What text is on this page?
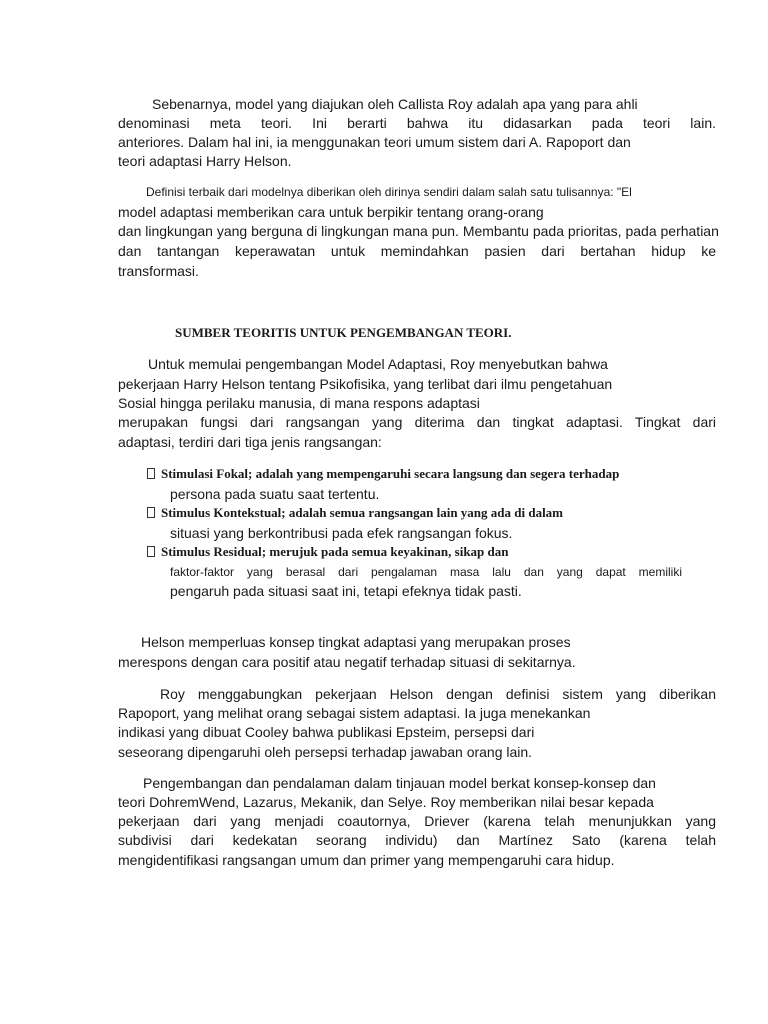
Sebenarnya, model yang diajukan oleh Callista Roy adalah apa yang para ahli
denominasi meta teori. Ini berarti bahwa itu didasarkan pada teori lain.
anteriores. Dalam hal ini, ia menggunakan teori umum sistem dari A. Rapoport dan
teori adaptasi Harry Helson.
Definisi terbaik dari modelnya diberikan oleh dirinya sendiri dalam salah satu tulisannya: "El
model adaptasi memberikan cara untuk berpikir tentang orang-orang
dan lingkungan yang berguna di lingkungan mana pun. Membantu pada prioritas, pada perhatian
dan tantangan keperawatan untuk memindahkan pasien dari bertahan hidup ke
transformasi.
SUMBER TEORITIS UNTUK PENGEMBANGAN TEORI.
Untuk memulai pengembangan Model Adaptasi, Roy menyebutkan bahwa
pekerjaan Harry Helson tentang Psikofisika, yang terlibat dari ilmu pengetahuan
Sosial hingga perilaku manusia, di mana respons adaptasi
merupakan fungsi dari rangsangan yang diterima dan tingkat adaptasi. Tingkat dari
adaptasi, terdiri dari tiga jenis rangsangan:
Stimulasi Fokal; adalah yang mempengaruhi secara langsung dan segera terhadap
persona pada suatu saat tertentu.
Stimulus Kontekstual; adalah semua rangsangan lain yang ada di dalam
situasi yang berkontribusi pada efek rangsangan fokus.
Stimulus Residual; merujuk pada semua keyakinan, sikap dan
faktor-faktor yang berasal dari pengalaman masa lalu dan yang dapat memiliki
pengaruh pada situasi saat ini, tetapi efeknya tidak pasti.
Helson memperluas konsep tingkat adaptasi yang merupakan proses
merespons dengan cara positif atau negatif terhadap situasi di sekitarnya.
Roy menggabungkan pekerjaan Helson dengan definisi sistem yang diberikan
Rapoport, yang melihat orang sebagai sistem adaptasi. Ia juga menekankan
indikasi yang dibuat Cooley bahwa publikasi Epsteim, persepsi dari
seseorang dipengaruhi oleh persepsi terhadap jawaban orang lain.
Pengembangan dan pendalaman dalam tinjauan model berkat konsep-konsep dan
teori DohremWend, Lazarus, Mekanik, dan Selye. Roy memberikan nilai besar kepada
pekerjaan dari yang menjadi coautornya, Driever (karena telah menunjukkan yang
subdivisi dari kedekatan seorang individu) dan Martínez Sato (karena telah
mengidentifikasi rangsangan umum dan primer yang mempengaruhi cara hidup.
